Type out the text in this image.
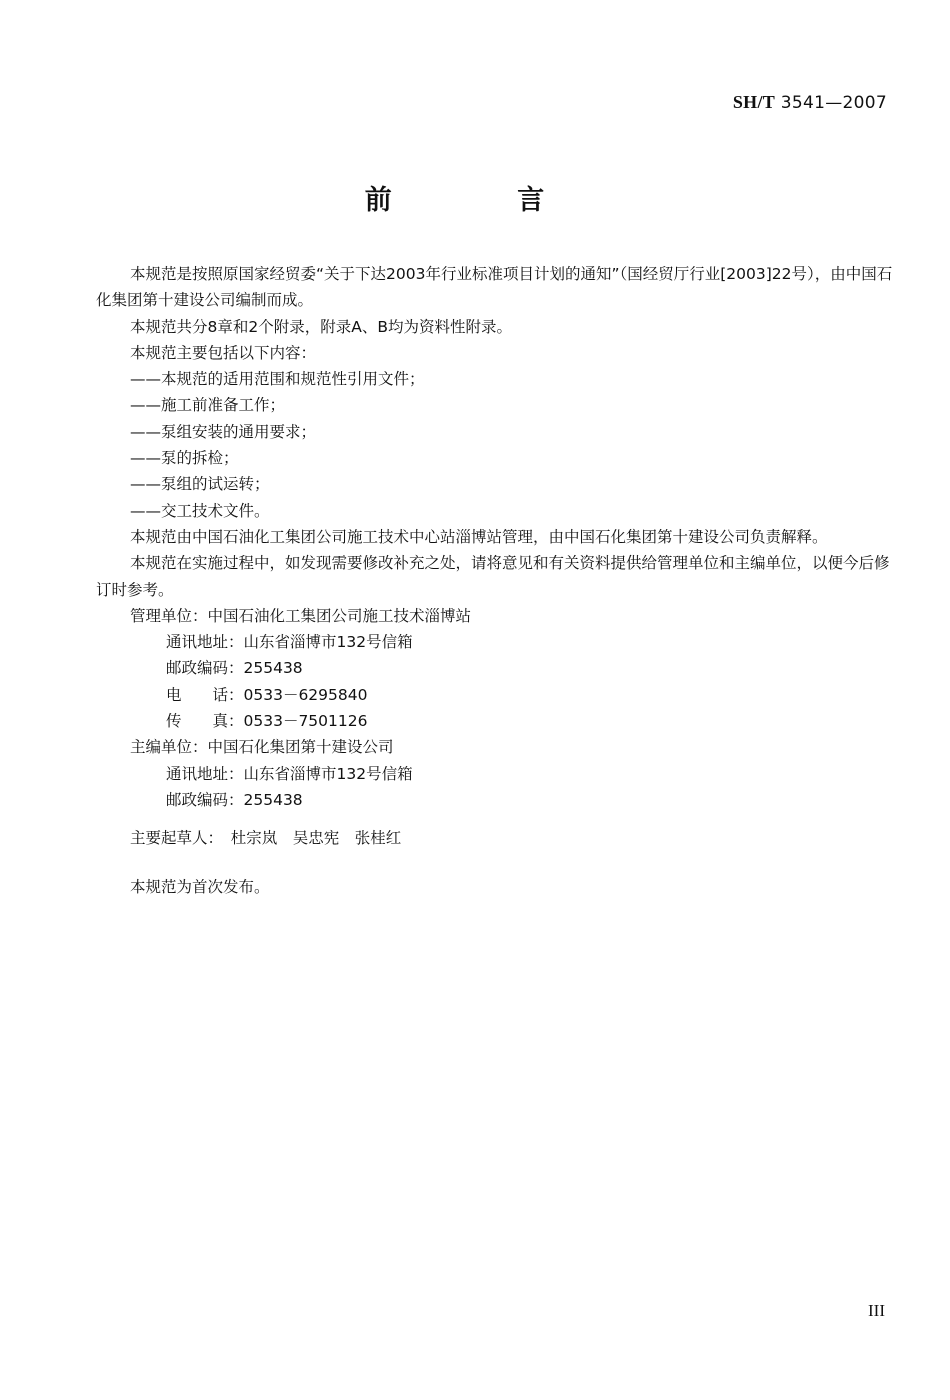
SH/T 3541—2007
前 言

本规范是按照原国家经贸委“关于下达2003年行业标准项目计划的通知”（国经贸厅行业[2003]22号），由中国石化集团第十建设公司编制而成。

本规范共分8章和2个附录，附录A、B均为资料性附录。

本规范主要包括以下内容：

——本规范的适用范围和规范性引用文件；

——施工前准备工作；

——泵组安装的通用要求；

——泵的拆检；

——泵组的试运转；

——交工技术文件。

本规范由中国石油化工集团公司施工技术中心站淄博站管理，由中国石化集团第十建设公司负责解释。

本规范在实施过程中，如发现需要修改补充之处，请将意见和有关资料提供给管理单位和主编单位，以便今后修订时参考。

管理单位：中国石油化工集团公司施工技术淄博站

通讯地址：山东省淄博市132号信箱

邮政编码：255438

电　　话：0533－6295840

传　　真：0533－7501126

主编单位：中国石化集团第十建设公司

通讯地址：山东省淄博市132号信箱

邮政编码：255438

主要起草人：　杜宗岚　吴忠宪　张桂红

本规范为首次发布。

III
